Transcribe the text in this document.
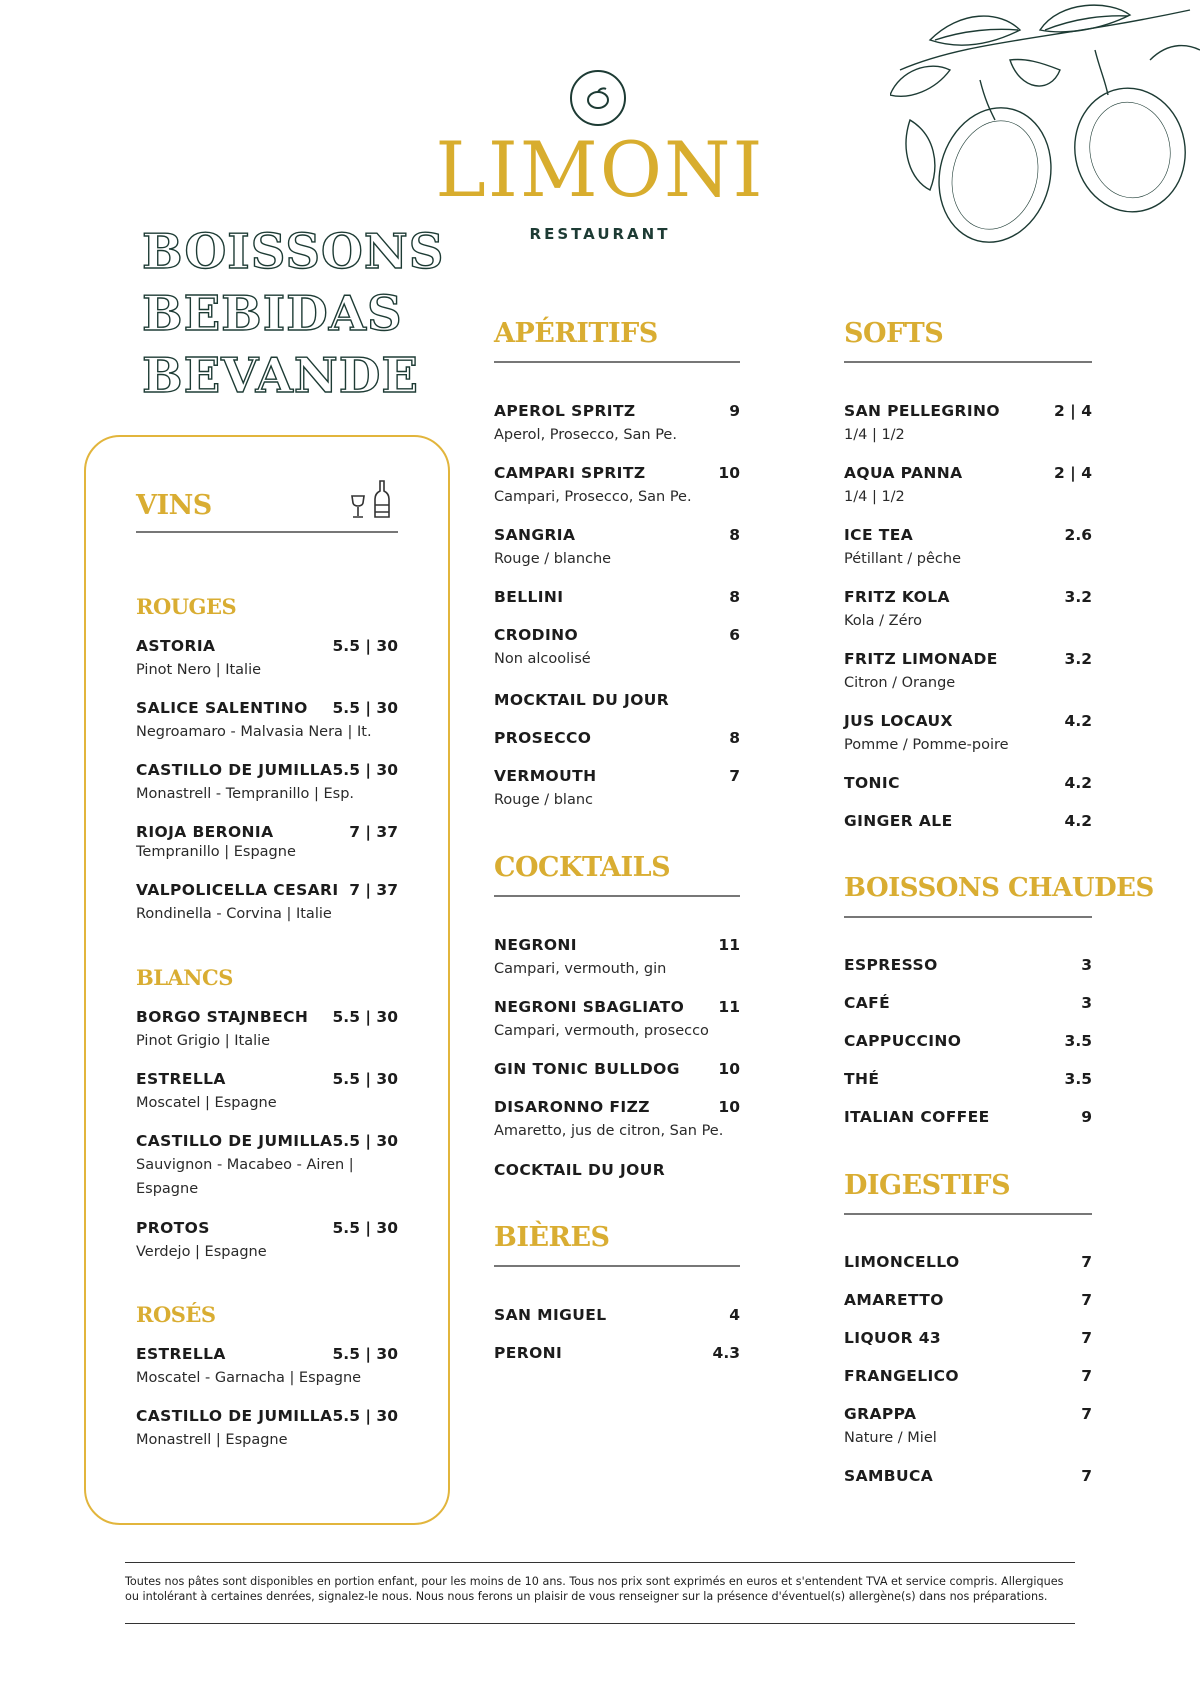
LIMONI
RESTAURANT
BOISSONS
BEBIDAS
BEVANDE
VINS
ROUGES
ASTORIA	5.5 | 30
Pinot Nero | Italie
SALICE SALENTINO	5.5 | 30
Negroamaro - Malvasia Nera | It.
CASTILLO DE JUMILLA 5.5 | 30
Monastrell - Tempranillo | Esp.
RIOJA BERONIA	7 | 37
Tempranillo | Espagne
VALPOLICELLA CESARI 7 | 37
Rondinella - Corvina | Italie
BLANCS
BORGO STAJNBECH	5.5 | 30
Pinot Grigio | Italie
ESTRELLA	5.5 | 30
Moscatel | Espagne
CASTILLO DE JUMILLA 5.5 | 30
Sauvignon - Macabeo - Airen | Espagne
PROTOS	5.5 | 30
Verdejo | Espagne
ROSÉS
ESTRELLA	5.5 | 30
Moscatel - Garnacha | Espagne
CASTILLO DE JUMILLA 5.5 | 30
Monastrell | Espagne
APÉRITIFS
APEROL SPRITZ	9
Aperol, Prosecco, San Pe.
CAMPARI SPRITZ	10
Campari, Prosecco, San Pe.
SANGRIA	8
Rouge / blanche
BELLINI	8
CRODINO	6
Non alcoolisé
MOCKTAIL DU JOUR
PROSECCO	8
VERMOUTH	7
Rouge / blanc
COCKTAILS
NEGRONI	11
Campari, vermouth, gin
NEGRONI SBAGLIATO	11
Campari, vermouth, prosecco
GIN TONIC BULLDOG	10
DISARONNO FIZZ	10
Amaretto, jus de citron, San Pe.
COCKTAIL DU JOUR
BIÈRES
SAN MIGUEL	4
PERONI	4.3
SOFTS
SAN PELLEGRINO	2 | 4
1/4 | 1/2
AQUA PANNA	2 | 4
1/4 | 1/2
ICE TEA	2.6
Pétillant / pêche
FRITZ KOLA	3.2
Kola / Zéro
FRITZ LIMONADE	3.2
Citron / Orange
JUS LOCAUX	4.2
Pomme / Pomme-poire
TONIC	4.2
GINGER ALE	4.2
BOISSONS CHAUDES
ESPRESSO	3
CAFÉ	3
CAPPUCCINO	3.5
THÉ	3.5
ITALIAN COFFEE	9
DIGESTIFS
LIMONCELLO	7
AMARETTO	7
LIQUOR 43	7
FRANGELICO	7
GRAPPA	7
Nature / Miel
SAMBUCA	7
Toutes nos pâtes sont disponibles en portion enfant, pour les moins de 10 ans. Tous nos prix sont exprimés en euros et s'entendent TVA et service compris. Allergiques ou intolérant à certaines denrées, signalez-le nous. Nous nous ferons un plaisir de vous renseigner sur la présence d'éventuel(s) allergène(s) dans nos préparations.
